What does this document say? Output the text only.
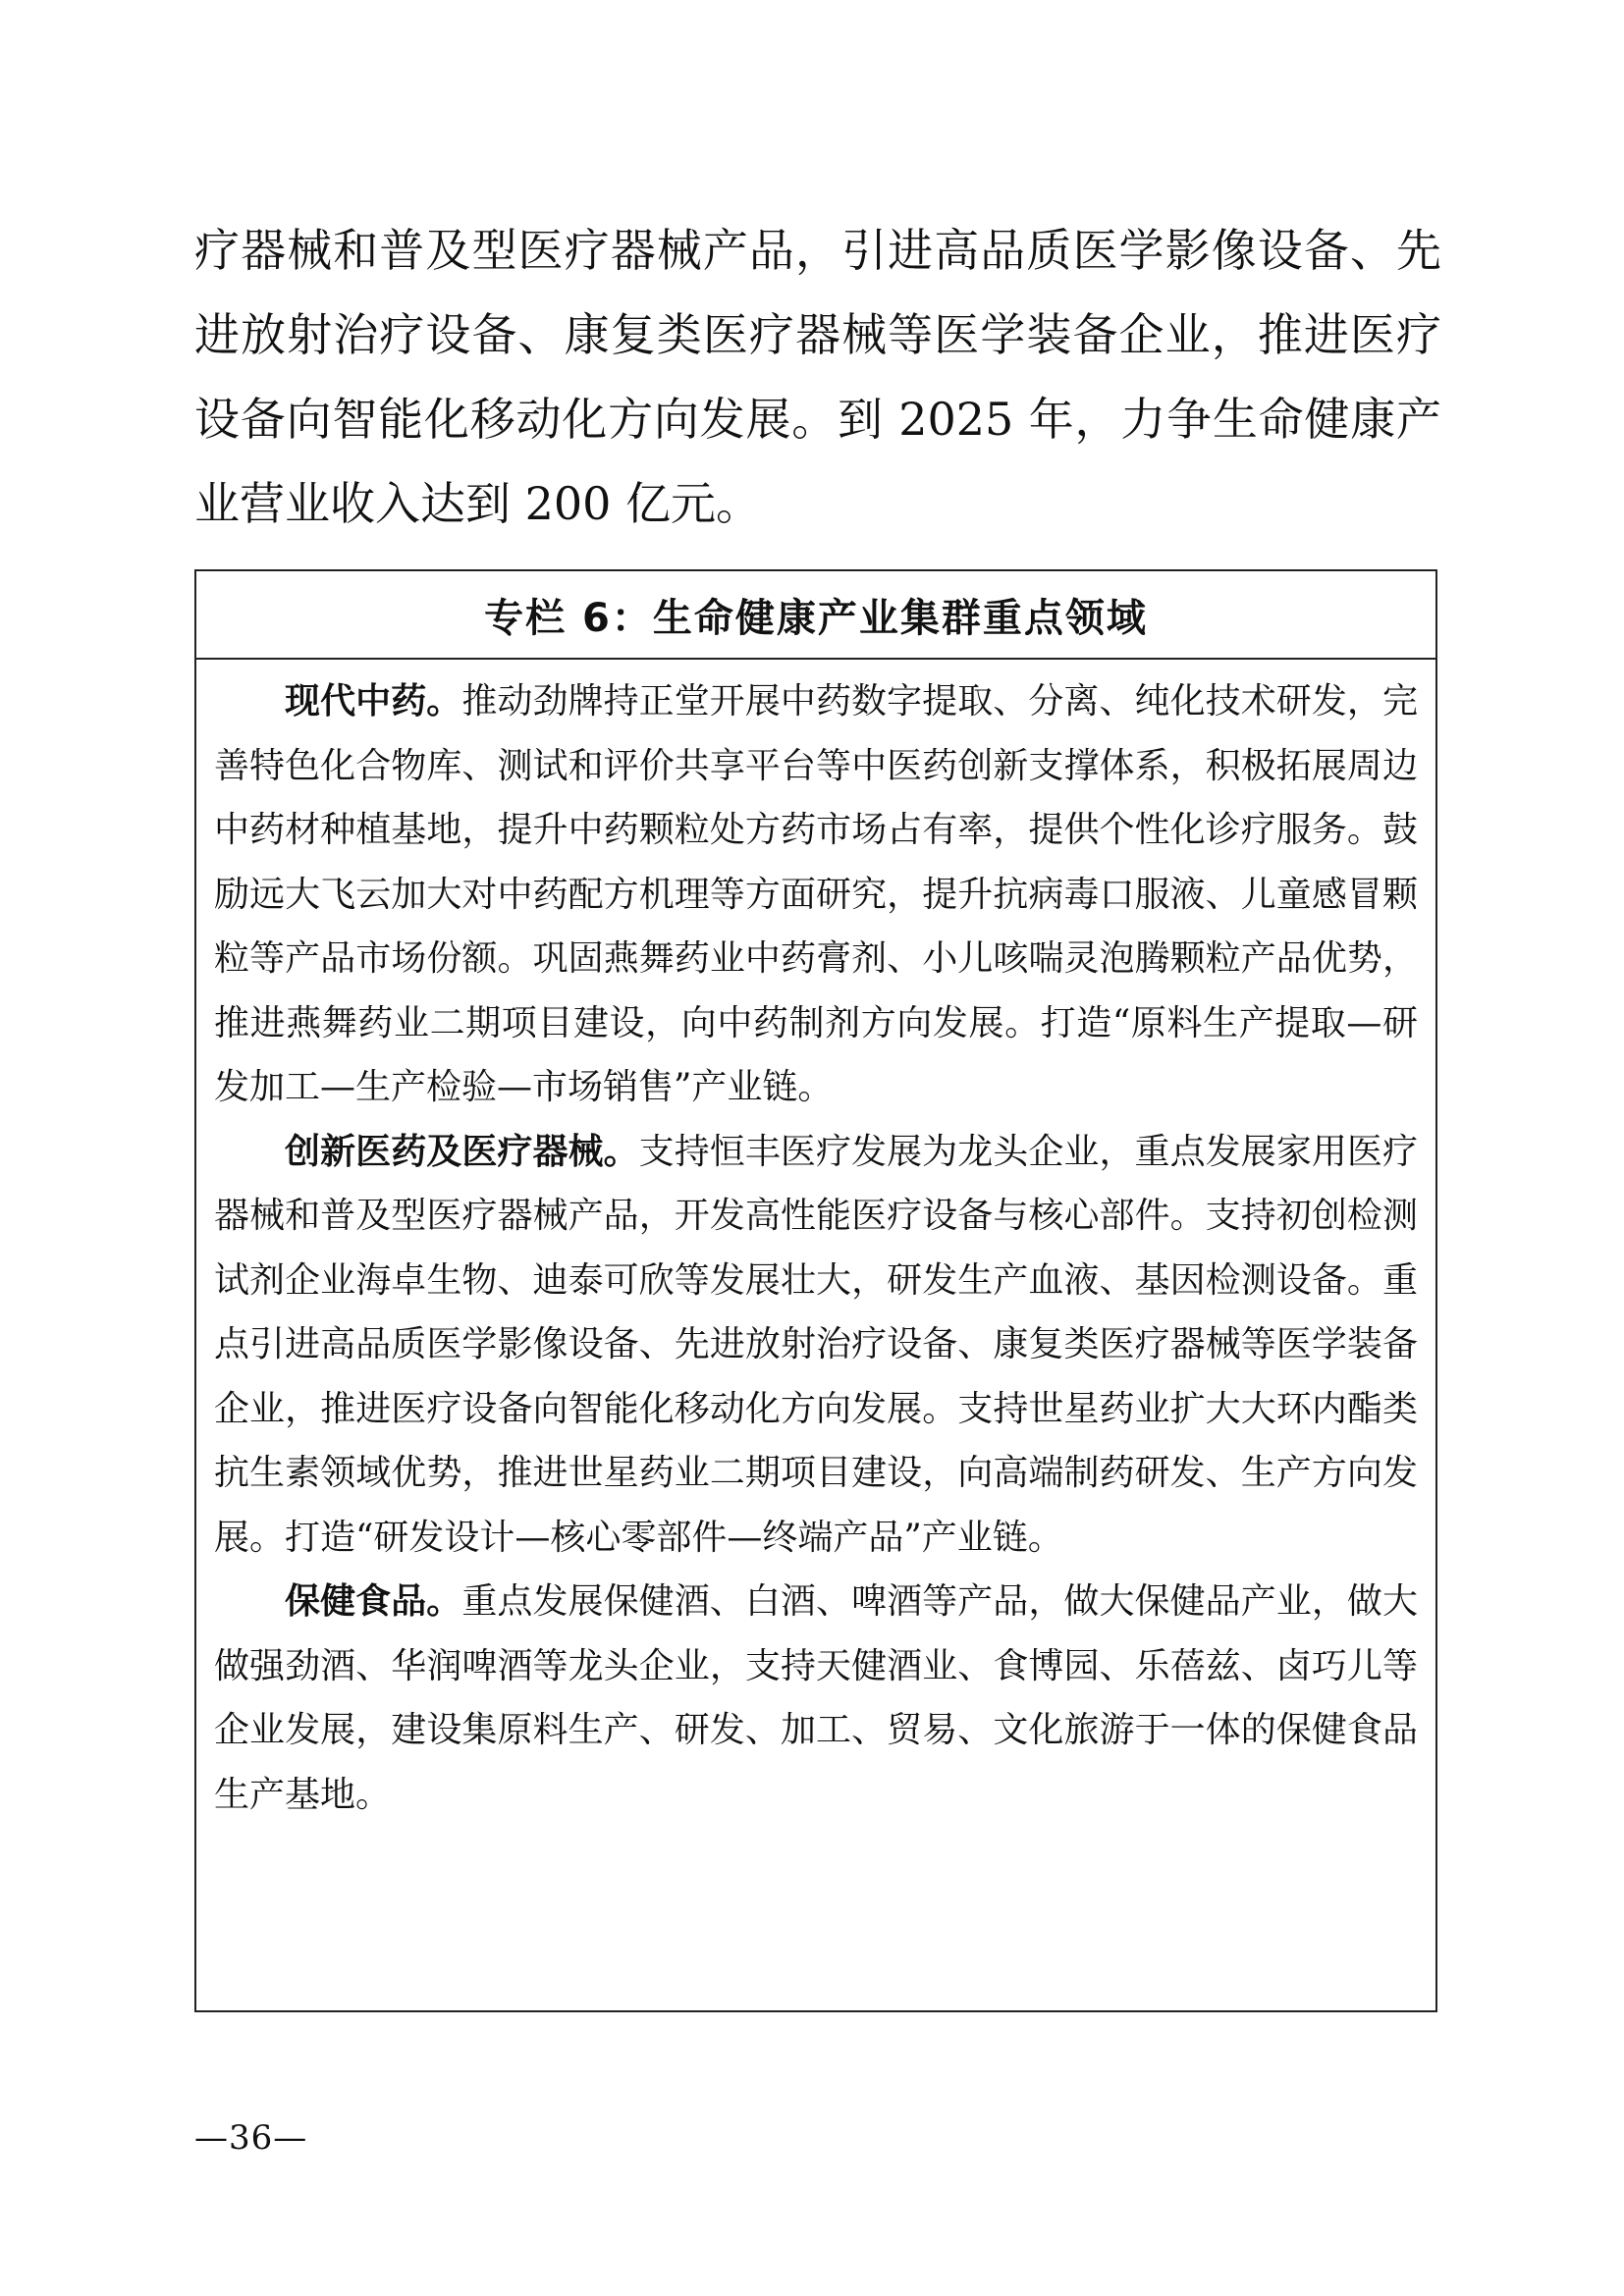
疗器械和普及型医疗器械产品，引进高品质医学影像设备、先进放射治疗设备、康复类医疗器械等医学装备企业，推进医疗设备向智能化移动化方向发展。到 2025 年，力争生命健康产业营业收入达到 200 亿元。

专栏 6：生命健康产业集群重点领域

现代中药。推动劲牌持正堂开展中药数字提取、分离、纯化技术研发，完善特色化合物库、测试和评价共享平台等中医药创新支撑体系，积极拓展周边中药材种植基地，提升中药颗粒处方药市场占有率，提供个性化诊疗服务。鼓励远大飞云加大对中药配方机理等方面研究，提升抗病毒口服液、儿童感冒颗粒等产品市场份额。巩固燕舞药业中药膏剂、小儿咳喘灵泡腾颗粒产品优势，推进燕舞药业二期项目建设，向中药制剂方向发展。打造“原料生产提取—研发加工—生产检验—市场销售”产业链。

创新医药及医疗器械。支持恒丰医疗发展为龙头企业，重点发展家用医疗器械和普及型医疗器械产品，开发高性能医疗设备与核心部件。支持初创检测试剂企业海卓生物、迪泰可欣等发展壮大，研发生产血液、基因检测设备。重点引进高品质医学影像设备、先进放射治疗设备、康复类医疗器械等医学装备企业，推进医疗设备向智能化移动化方向发展。支持世星药业扩大大环内酯类抗生素领域优势，推进世星药业二期项目建设，向高端制药研发、生产方向发展。打造“研发设计—核心零部件—终端产品”产业链。

保健食品。重点发展保健酒、白酒、啤酒等产品，做大保健品产业，做大做强劲酒、华润啤酒等龙头企业，支持天健酒业、食博园、乐蓓兹、卤巧儿等企业发展，建设集原料生产、研发、加工、贸易、文化旅游于一体的保健食品生产基地。

—36—
